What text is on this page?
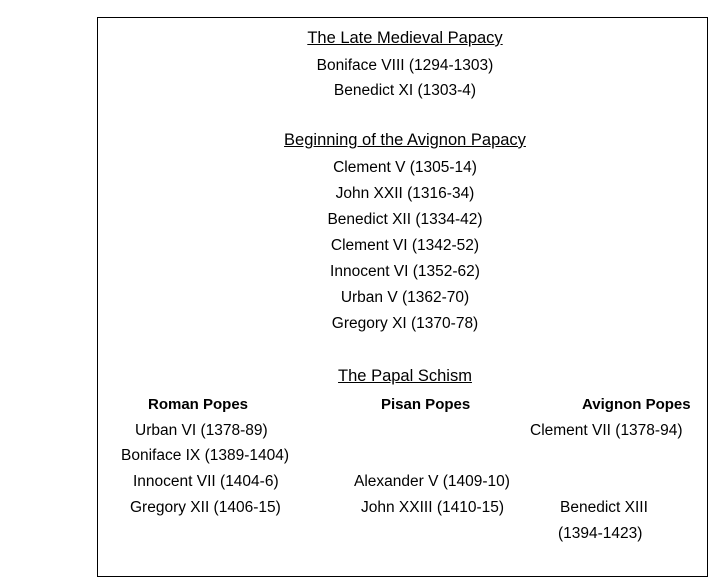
The Late Medieval Papacy
Boniface VIII (1294-1303)
Benedict XI (1303-4)
Beginning of the Avignon Papacy
Clement V (1305-14)
John XXII (1316-34)
Benedict XII (1334-42)
Clement VI (1342-52)
Innocent VI (1352-62)
Urban V (1362-70)
Gregory XI (1370-78)
The Papal Schism
Roman Popes	Pisan Popes	Avignon Popes
Urban VI (1378-89)
Boniface IX (1389-1404)
Innocent VII (1404-6)
Gregory XII (1406-15)
Alexander V (1409-10)
John XXIII (1410-15)
Clement VII (1378-94)
Benedict XIII
(1394-1423)
